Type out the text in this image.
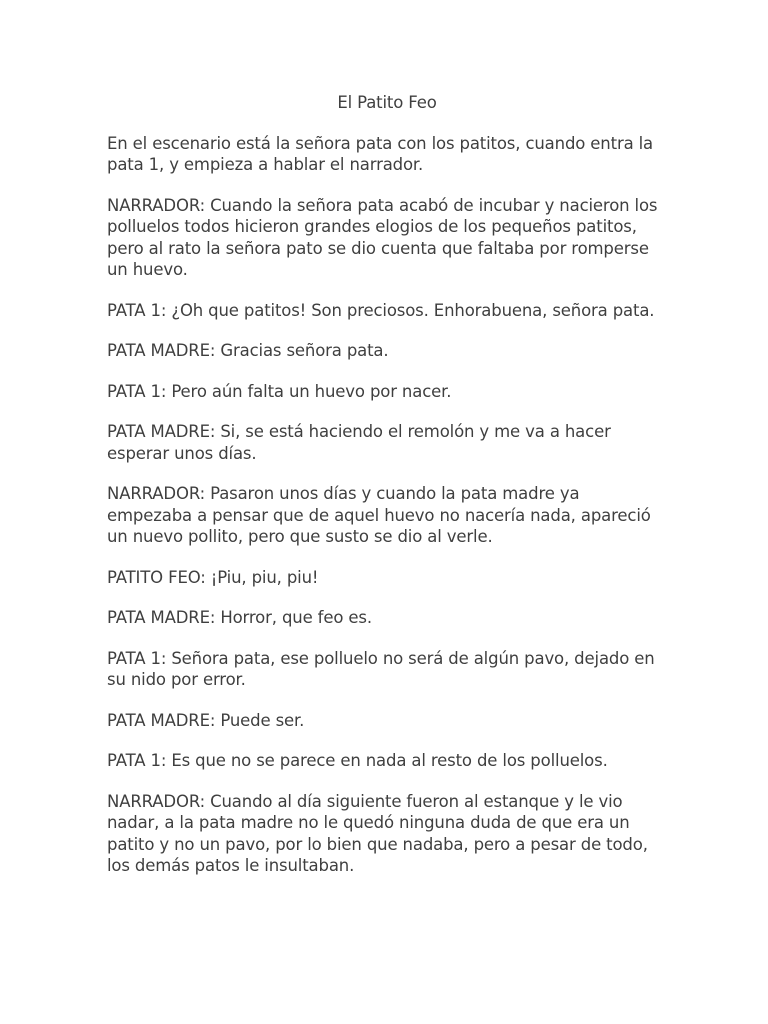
El Patito Feo

En el escenario está la señora pata con los patitos, cuando entra la pata 1, y empieza a hablar el narrador.

NARRADOR: Cuando la señora pata acabó de incubar y nacieron los polluelos todos hicieron grandes elogios de los pequeños patitos, pero al rato la señora pato se dio cuenta que faltaba por romperse un huevo.

PATA 1: ¿Oh que patitos! Son preciosos. Enhorabuena, señora pata.

PATA MADRE: Gracias señora pata.

PATA 1: Pero aún falta un huevo por nacer.

PATA MADRE: Si, se está haciendo el remolón y me va a hacer esperar unos días.

NARRADOR: Pasaron unos días y cuando la pata madre ya empezaba a pensar que de aquel huevo no nacería nada, apareció un nuevo pollito, pero que susto se dio al verle.

PATITO FEO: ¡Piu, piu, piu!

PATA MADRE: Horror, que feo es.

PATA 1: Señora pata, ese polluelo no será de algún pavo, dejado en su nido por error.

PATA MADRE: Puede ser.

PATA 1: Es que no se parece en nada al resto de los polluelos.

NARRADOR: Cuando al día siguiente fueron al estanque y le vio nadar, a la pata madre no le quedó ninguna duda de que era un patito y no un pavo, por lo bien que nadaba, pero a pesar de todo, los demás patos le insultaban.
